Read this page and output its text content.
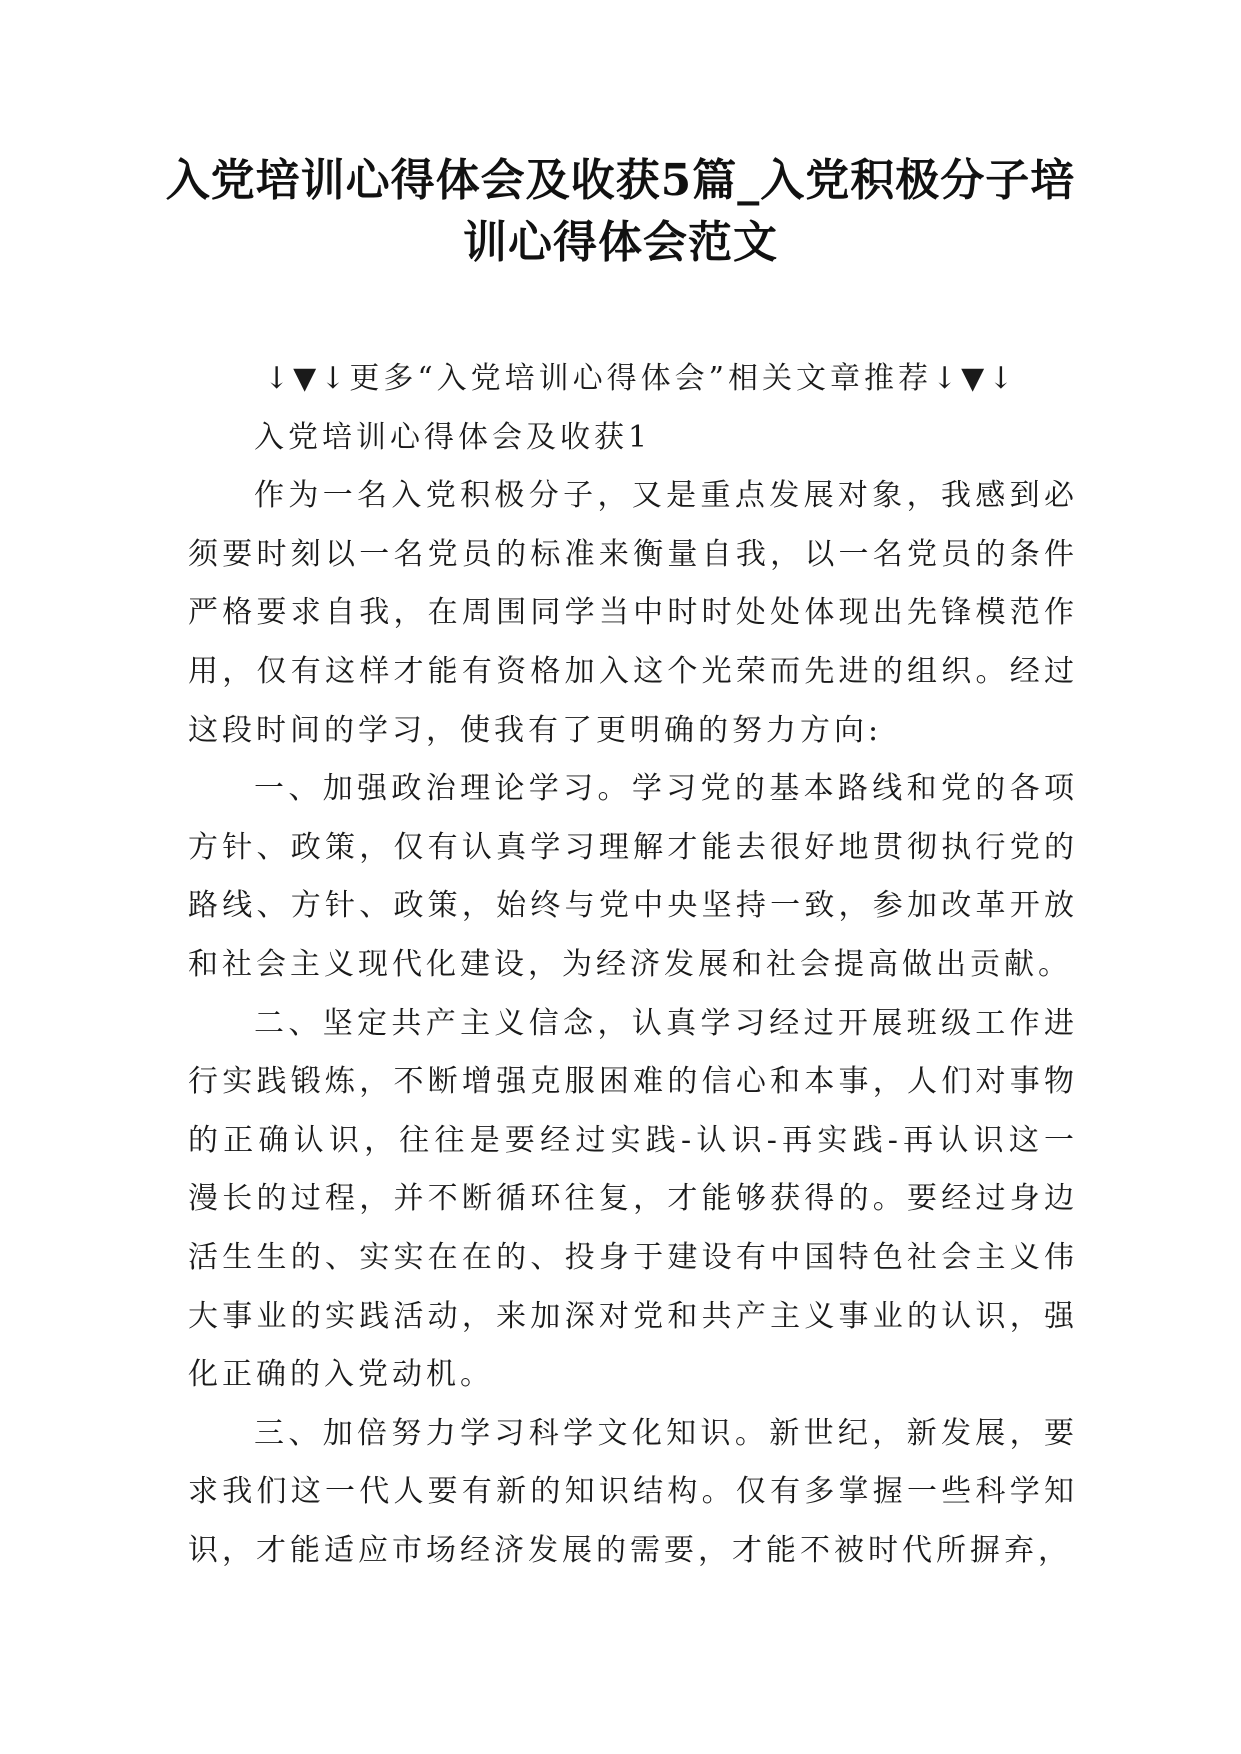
入党培训心得体会及收获5篇_入党积极分子培训心得体会范文

↓▼↓更多“入党培训心得体会”相关文章推荐↓▼↓

入党培训心得体会及收获1

作为一名入党积极分子，又是重点发展对象，我感到必须要时刻以一名党员的标准来衡量自我，以一名党员的条件严格要求自我，在周围同学当中时时处处体现出先锋模范作用，仅有这样才能有资格加入这个光荣而先进的组织。经过这段时间的学习，使我有了更明确的努力方向:

一、加强政治理论学习。学习党的基本路线和党的各项方针、政策，仅有认真学习理解才能去很好地贯彻执行党的路线、方针、政策，始终与党中央坚持一致，参加改革开放和社会主义现代化建设，为经济发展和社会提高做出贡献。

二、坚定共产主义信念，认真学习经过开展班级工作进行实践锻炼，不断增强克服困难的信心和本事，人们对事物的正确认识，往往是要经过实践-认识-再实践-再认识这一漫长的过程，并不断循环往复，才能够获得的。要经过身边活生生的、实实在在的、投身于建设有中国特色社会主义伟大事业的实践活动，来加深对党和共产主义事业的认识，强化正确的入党动机。

三、加倍努力学习科学文化知识。新世纪，新发展，要求我们这一代人要有新的知识结构。仅有多掌握一些科学知识，才能适应市场经济发展的需要，才能不被时代所摒弃，
